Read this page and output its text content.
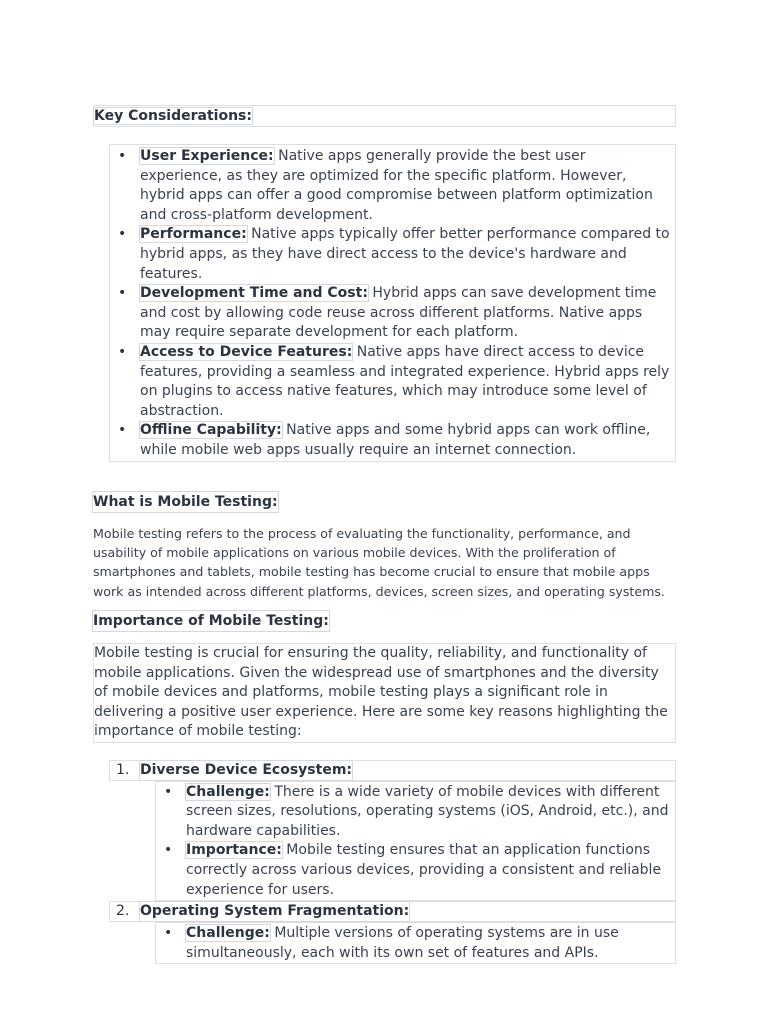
Key Considerations:
• User Experience: Native apps generally provide the best user experience, as they are optimized for the specific platform. However, hybrid apps can offer a good compromise between platform optimization and cross-platform development.
• Performance: Native apps typically offer better performance compared to hybrid apps, as they have direct access to the device's hardware and features.
• Development Time and Cost: Hybrid apps can save development time and cost by allowing code reuse across different platforms. Native apps may require separate development for each platform.
• Access to Device Features: Native apps have direct access to device features, providing a seamless and integrated experience. Hybrid apps rely on plugins to access native features, which may introduce some level of abstraction.
• Offline Capability: Native apps and some hybrid apps can work offline, while mobile web apps usually require an internet connection.
What is Mobile Testing:
Mobile testing refers to the process of evaluating the functionality, performance, and usability of mobile applications on various mobile devices. With the proliferation of smartphones and tablets, mobile testing has become crucial to ensure that mobile apps work as intended across different platforms, devices, screen sizes, and operating systems.
Importance of Mobile Testing:
Mobile testing is crucial for ensuring the quality, reliability, and functionality of mobile applications. Given the widespread use of smartphones and the diversity of mobile devices and platforms, mobile testing plays a significant role in delivering a positive user experience. Here are some key reasons highlighting the importance of mobile testing:
1. Diverse Device Ecosystem:
• Challenge: There is a wide variety of mobile devices with different screen sizes, resolutions, operating systems (iOS, Android, etc.), and hardware capabilities.
• Importance: Mobile testing ensures that an application functions correctly across various devices, providing a consistent and reliable experience for users.
2. Operating System Fragmentation:
• Challenge: Multiple versions of operating systems are in use simultaneously, each with its own set of features and APIs.
